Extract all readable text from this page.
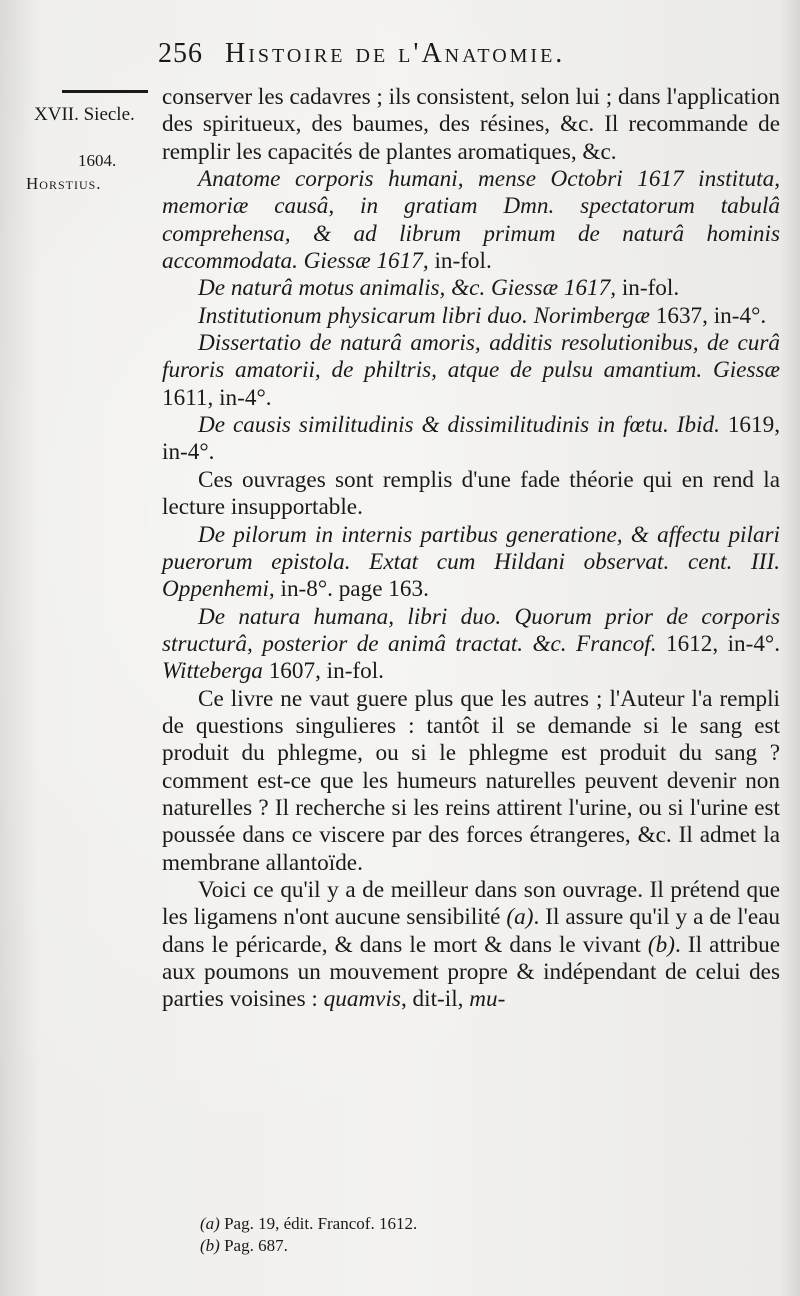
256 Histoire de l'Anatomie.
XVII. Siecle.
1604.
Horstius.

conserver les cadavres ; ils consistent, selon lui ; dans l'application des spiritueux, des baumes, des résines, &c. Il recommande de remplir les capacités de plantes aromatiques, &c.

Anatome corporis humani, mense Octobri 1617 instituta, memoriæ causâ, in gratiam Dmn. spectatorum tabulâ comprehensa, & ad librum primum de naturâ hominis accommodata. Giessæ 1617, in-fol.

De naturâ motus animalis, &c. Giessæ 1617, in-fol.

Institutionum physicarum libri duo. Norimbergæ 1637, in-4°.

Dissertatio de naturâ amoris, additis resolutionibus, de curâ furoris amatorii, de philtris, atque de pulsu amantium. Giessæ 1611, in-4°.

De causis similitudinis & dissimilitudinis in fœtu. Ibid. 1619, in-4°.

Ces ouvrages sont remplis d'une fade théorie qui en rend la lecture insupportable.

De pilorum in internis partibus generatione, & affectu pilari puerorum epistola. Extat cum Hildani observat. cent. III. Oppenhemi, in-8°. page 163.

De natura humana, libri duo. Quorum prior de corporis structurâ, posterior de animâ tractat. &c. Francof. 1612, in-4°. Witteberga 1607, in-fol.

Ce livre ne vaut guere plus que les autres ; l'Auteur l'a rempli de questions singulieres : tantôt il se demande si le sang est produit du phlegme, ou si le phlegme est produit du sang ? comment est-ce que les humeurs naturelles peuvent devenir non naturelles ? Il recherche si les reins attirent l'urine, ou si l'urine est poussée dans ce viscere par des forces étrangeres, &c. Il admet la membrane allantoïde.

Voici ce qu'il y a de meilleur dans son ouvrage. Il prétend que les ligamens n'ont aucune sensibilité (a). Il assure qu'il y a de l'eau dans le péricarde, & dans le mort & dans le vivant (b). Il attribue aux poumons un mouvement propre & indépendant de celui des parties voisines : quamvis, dit-il, mu-

(a) Pag. 19, édit. Francof. 1612.

(b) Pag. 687.
